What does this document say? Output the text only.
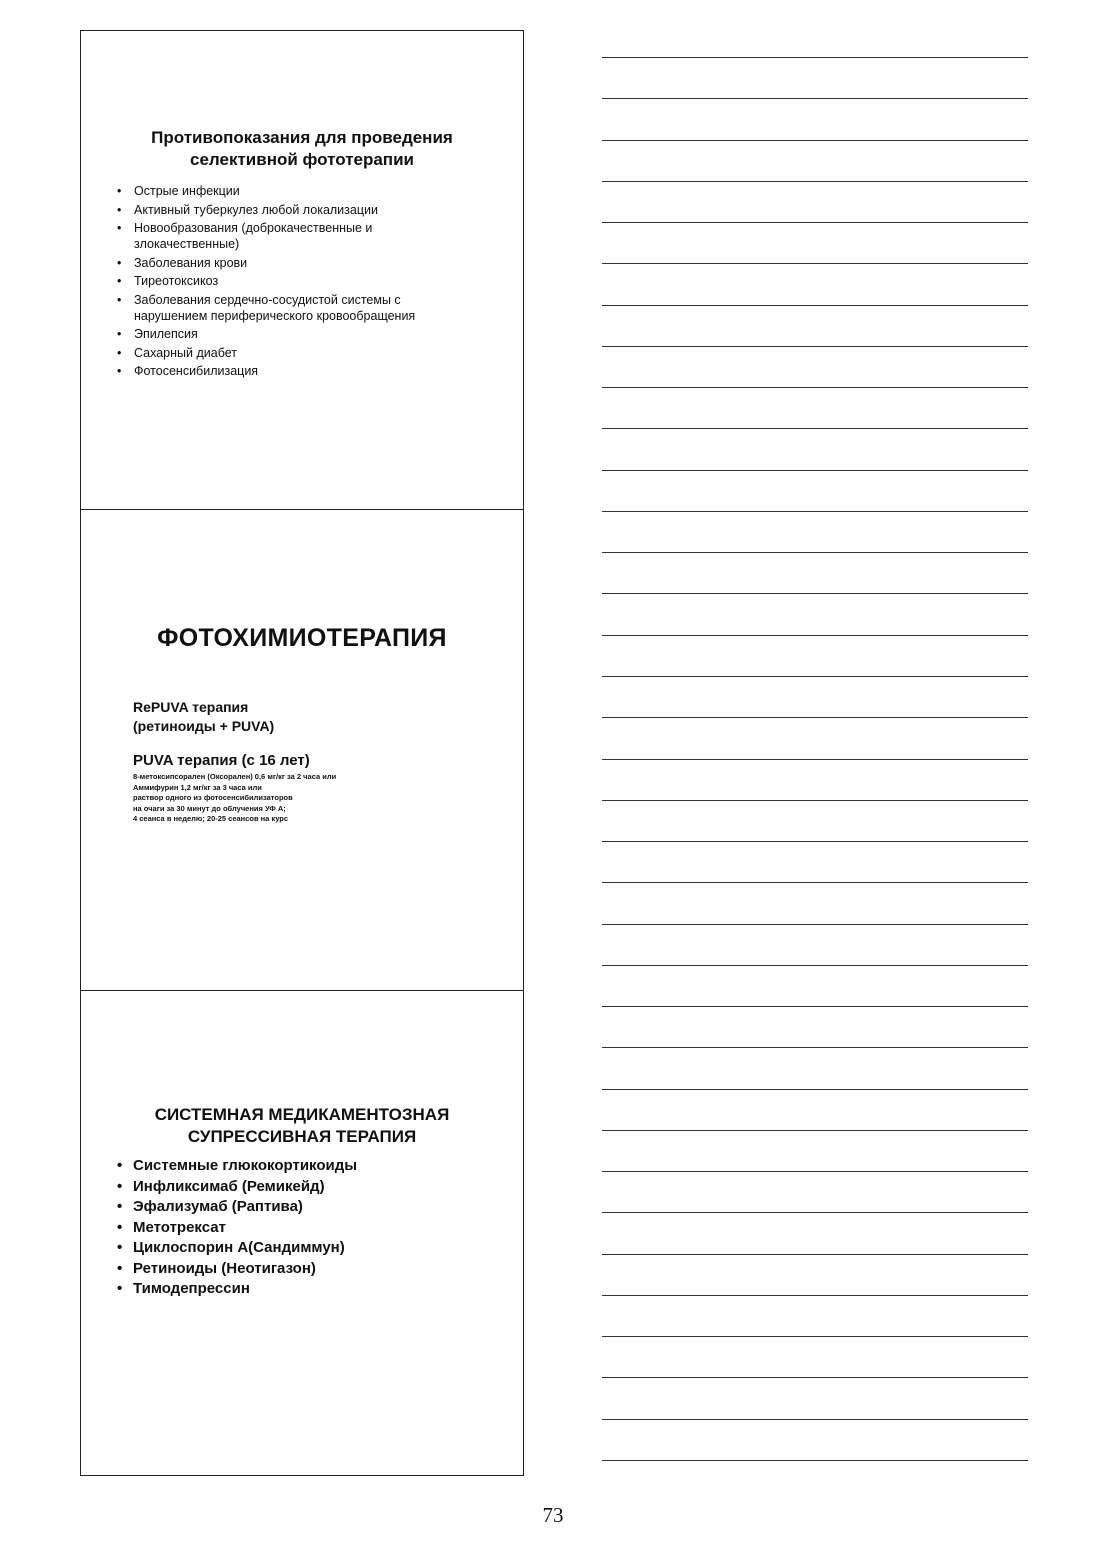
Противопоказания для проведения
селективной фототерапии
• Острые инфекции
• Активный туберкулез любой локализации
• Новообразования (доброкачественные и злокачественные)
• Заболевания крови
• Тиреотоксикоз
• Заболевания сердечно-сосудистой системы с нарушением периферического кровообращения
• Эпилепсия
• Сахарный диабет
• Фотосенсибилизация
ФОТОХИМИОТЕРАПИЯ
RePUVA терапия
(ретиноиды + PUVA)
PUVA терапия (с 16 лет)
8-метоксипсорален (Оксорален) 0,6 мг/кг за 2 часа или
Аммифурин 1,2 мг/кг за 3 часа или
раствор одного из фотосенсибилизаторов
на очаги за 30 минут до облучения УФ А;
4 сеанса в неделю; 20-25 сеансов на курс
СИСТЕМНАЯ МЕДИКАМЕНТОЗНАЯ
СУПРЕССИВНАЯ ТЕРАПИЯ
• Системные глюкокортикоиды
• Инфликсимаб (Ремикейд)
• Эфализумаб (Раптива)
• Метотрексат
• Циклоспорин А(Сандиммун)
• Ретиноиды (Неотигазон)
• Тимодепрессин
73
